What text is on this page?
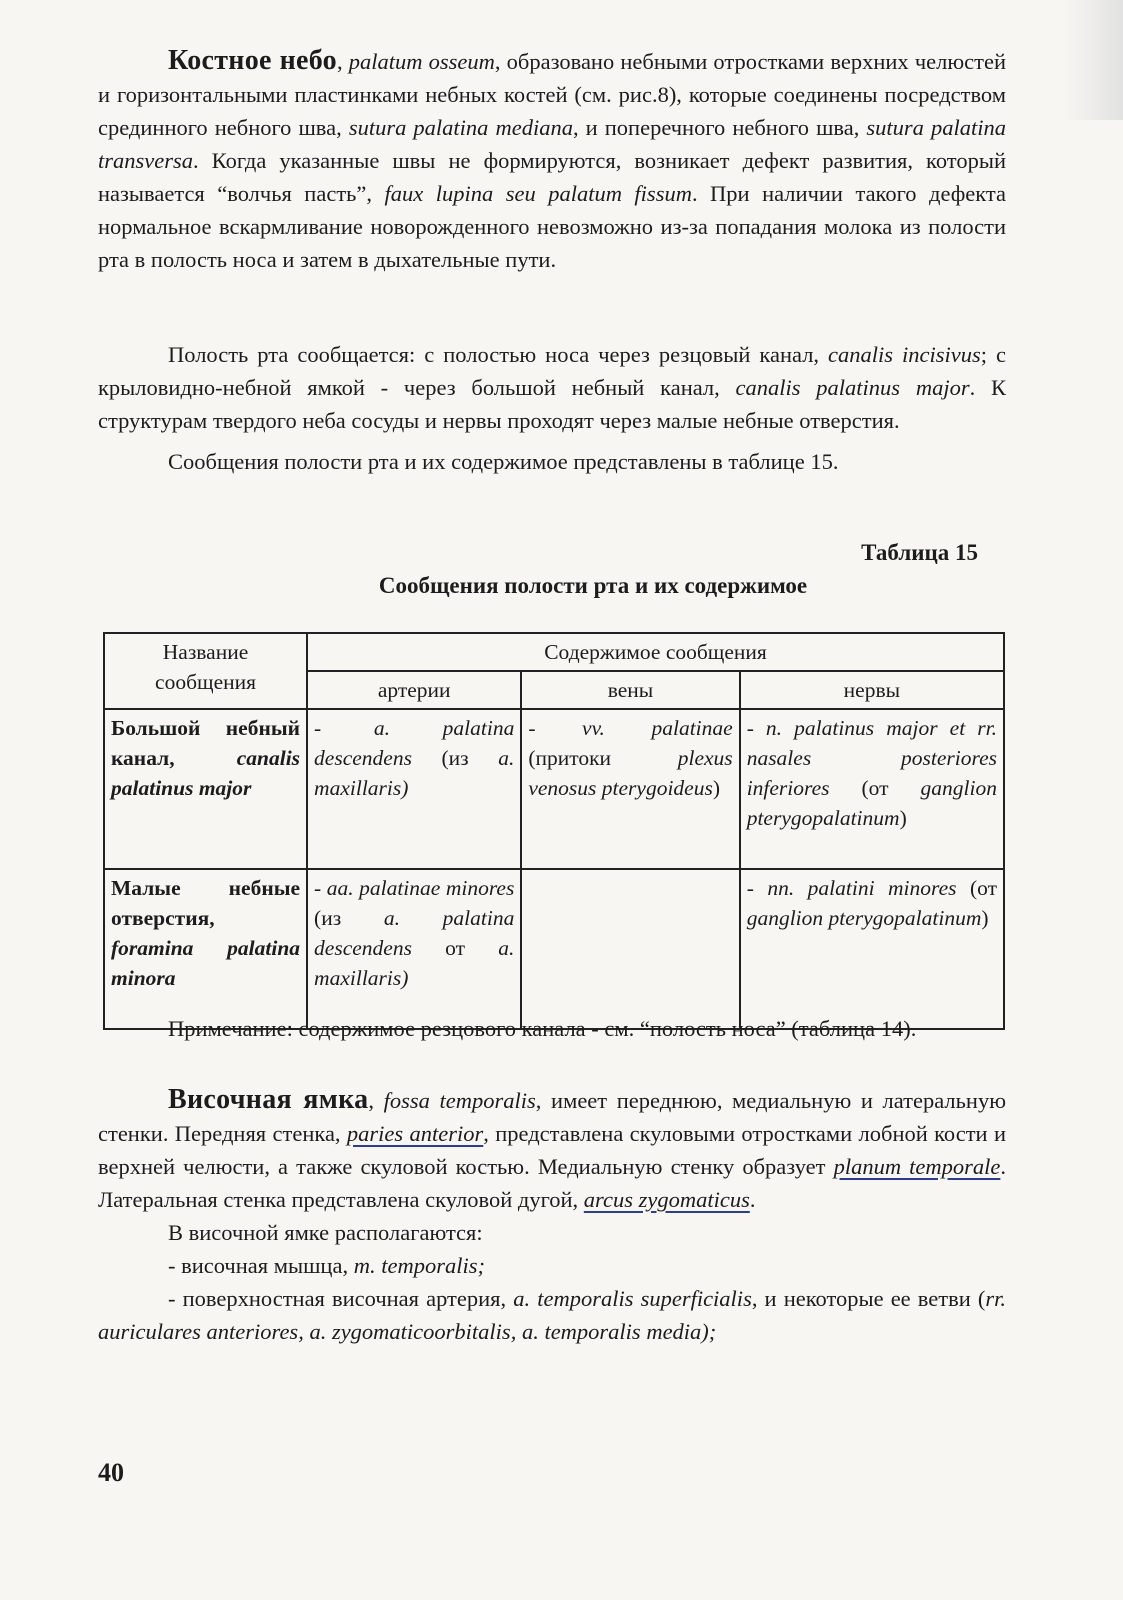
Костное небо, palatum osseum, образовано небными отростками верхних челюстей и горизонтальными пластинками небных костей (см. рис.8), которые соединены посредством срединного небного шва, sutura palatina mediana, и поперечного небного шва, sutura palatina transversa. Когда указанные швы не формируются, возникает дефект развития, который называется “волчья пасть”, faux lupina seu palatum fissum. При наличии такого дефекта нормальное вскармливание новорожденного невозможно из-за попадания молока из полости рта в полость носа и затем в дыхательные пути.

Полость рта сообщается: с полостью носа через резцовый канал, canalis incisivus; с крыловидно-небной ямкой - через большой небный канал, canalis palatinus major. К структурам твердого неба сосуды и нервы проходят через малые небные отверстия.

Сообщения полости рта и их содержимое представлены в таблице 15.

Таблица 15
Сообщения полости рта и их содержимое
Название сообщения	Содержимое сообщения		
	артерии	вены	нервы
Большой небный канал, canalis palatinus major	- a. palatina descendens (из a. maxillaris)	- vv. palatinae (притоки plexus venosus pterygoideus)	- n. palatinus major et rr. nasales posteriores inferiores (от ganglion pterygopalatinum)
Малые небные отверстия, foramina palatina minora	- aa. palatinae minores (из a. palatina descendens от a. maxillaris)		- nn. palatini minores (от ganglion pterygopalatinum)

Примечание: содержимое резцового канала - см. “полость носа” (таблица 14).

Височная ямка, fossa temporalis, имеет переднюю, медиальную и латеральную стенки. Передняя стенка, paries anterior, представлена скуловыми отростками лобной кости и верхней челюсти, а также скуловой костью. Медиальную стенку образует planum temporale. Латеральная стенка представлена скуловой дугой, arcus zygomaticus.

В височной ямке располагаются:

- височная мышца, m. temporalis;

- поверхностная височная артерия, a. temporalis superficialis, и некоторые ее ветви (rr. auriculares anteriores, a. zygomaticoorbitalis, a. temporalis media);

40
